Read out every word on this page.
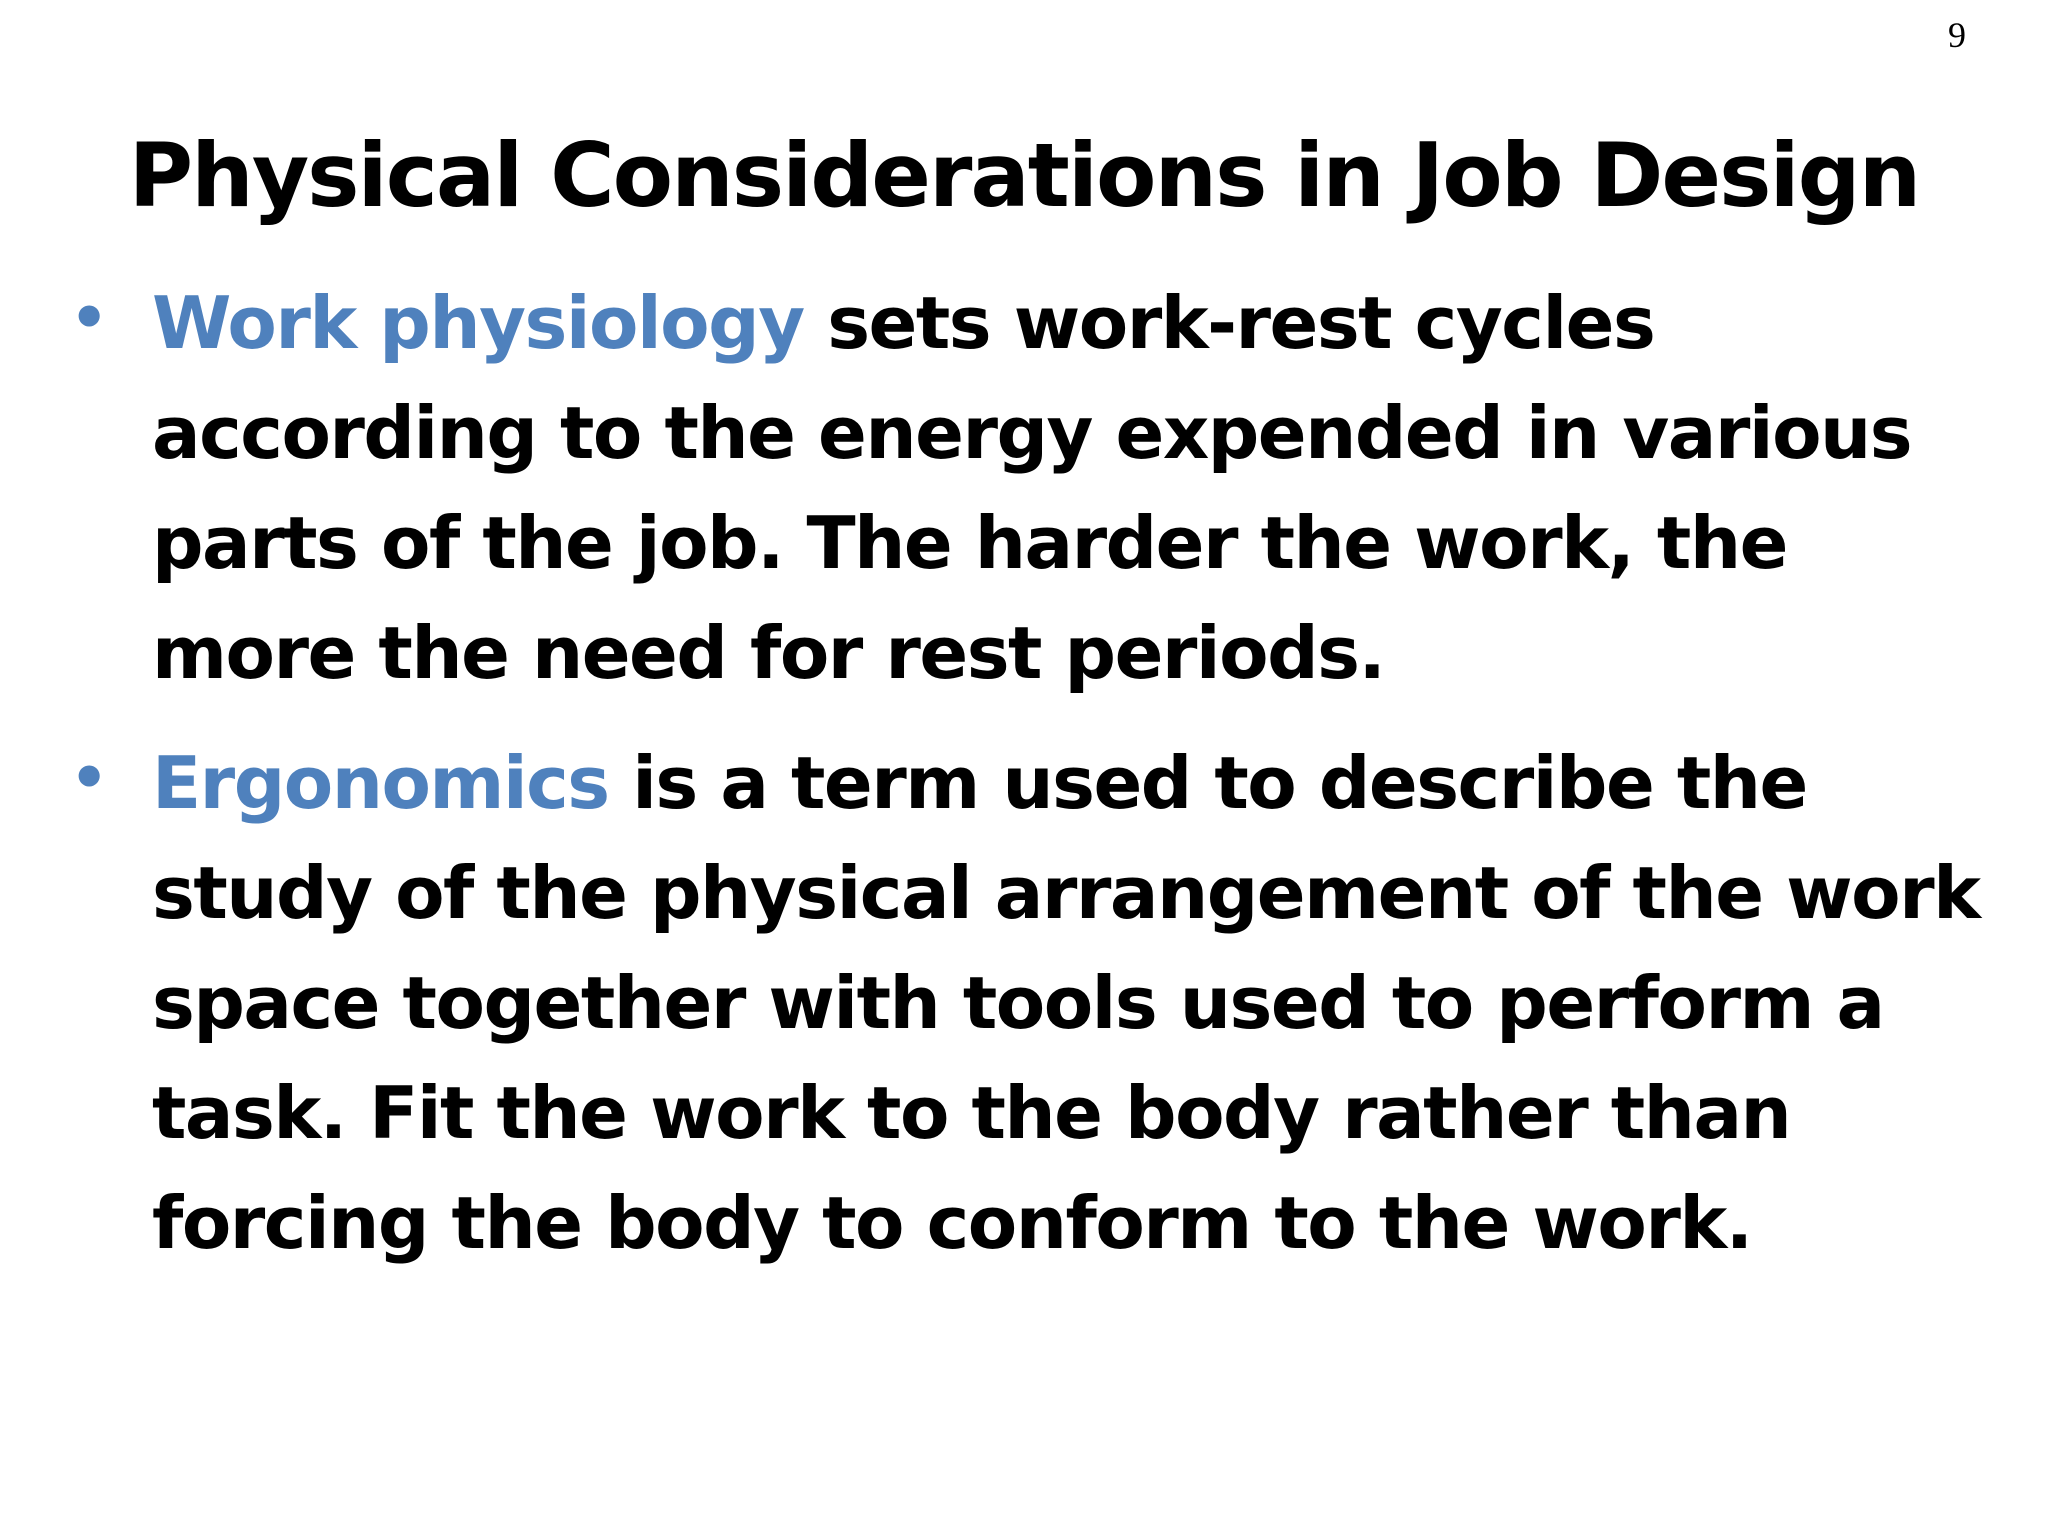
9
Physical Considerations in Job Design
• Work physiology sets work-rest cycles according to the energy expended in various parts of the job. The harder the work, the more the need for rest periods.
• Ergonomics is a term used to describe the study of the physical arrangement of the work space together with tools used to perform a task. Fit the work to the body rather than forcing the body to conform to the work.
